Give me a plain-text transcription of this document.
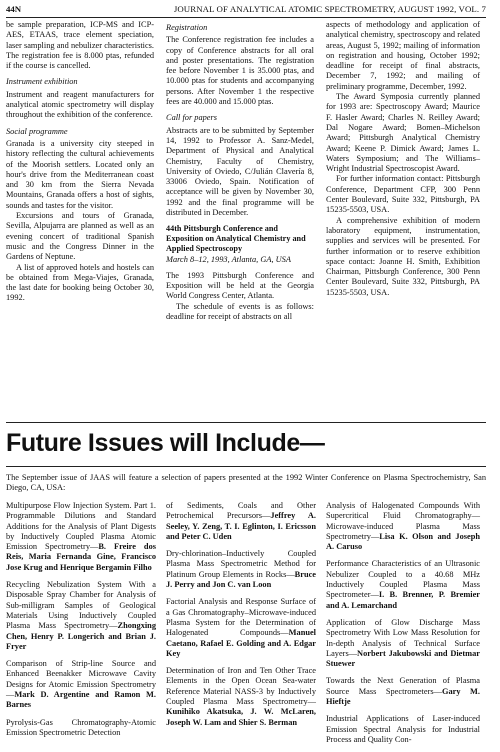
44N	JOURNAL OF ANALYTICAL ATOMIC SPECTROMETRY, AUGUST 1992, VOL. 7

be sample preparation, ICP-MS and ICP-AES, ETAAS, trace element speciation, laser sampling and nebulizer characteristics. The registration fee is 8.000 ptas, refunded if the course is cancelled.

Instrument exhibition

Instrument and reagent manufacturers for analytical atomic spectrometry will display throughout the exhibition of the conference.

Social programme

Granada is a university city steeped in history reflecting the cultural achievements of the Moorish settlers. Located only an hour's drive from the Mediterranean coast and 30 km from the Sierra Nevada Mountains, Granada offers a host of sights, sounds and tastes for the visitor.

Excursions and tours of Granada, Sevilla, Alpujarra are planned as well as an evening concert of traditional Spanish music and the Congress Dinner in the Gardens of Neptune.

A list of approved hotels and hostels can be obtained from Mega-Viajes, Granada, the last date for booking being October 30, 1992.

Registration

The Conference registration fee includes a copy of Conference abstracts for all oral and poster presentations. The registration fee before November 1 is 35.000 ptas, and 10.000 ptas for students and accompanying persons. After November 1 the respective fees are 40.000 and 15.000 ptas.

Call for papers

Abstracts are to be submitted by September 14, 1992 to Professor A. Sanz-Medel, Department of Physical and Analytical Chemistry, Faculty of Chemistry, University of Oviedo, C/Julián Clavería 8, 33006 Oviedo, Spain. Notification of acceptance will be given by November 30, 1992 and the final programme will be distributed in December.

44th Pittsburgh Conference and Exposition on Analytical Chemistry and Applied Spectroscopy

March 8–12, 1993, Atlanta, GA, USA

The 1993 Pittsburgh Conference and Exposition will be held at the Georgia World Congress Center, Atlanta.

The schedule of events is as follows: deadline for receipt of abstracts on all

aspects of methodology and application of analytical chemistry, spectroscopy and related areas, August 5, 1992; mailing of information on registration and housing, October 1992; deadline for receipt of final abstracts, December 7, 1992; and mailing of preliminary programme, December, 1992.

The Award Symposia currently planned for 1993 are: Spectroscopy Award; Maurice F. Hasler Award; Charles N. Reilley Award; Dal Nogare Award; Bomen–Michelson Award; Pittsburgh Analytical Chemistry Award; Keene P. Dimick Award; James L. Waters Symposium; and The Williams–Wright Industrial Spectroscopist Award.

For further information contact: Pittsburgh Conference, Department CFP, 300 Penn Center Boulevard, Suite 332, Pittsburgh, PA 15235-5503, USA.

A comprehensive exhibition of modern laboratory equipment, instrumentation, supplies and services will be presented. For further information or to reserve exhibition space contact: Joanne H. Smith, Exhibition Chairman, Pittsburgh Conference, 300 Penn Center Boulevard, Suite 332, Pittsburgh, PA 15235-5503, USA.

Future Issues will Include—
The September issue of JAAS will feature a selection of papers presented at the 1992 Winter Conference on Plasma Spectrochemistry, San Diego, CA, USA:
Multipurpose Flow Injection System. Part 1. Programmable Dilutions and Standard Additions for the Analysis of Plant Digests by Inductively Coupled Plasma Atomic Emission Spectrometry—B. Freire dos Reis, Maria Fernanda Gine, Francisco Jose Krug and Henrique Bergamin Filho
Recycling Nebulization System With a Disposable Spray Chamber for Analysis of Sub-milligram Samples of Geological Materials Using Inductively Coupled Plasma Mass Spectrometry—Zhongxing Chen, Henry P. Longerich and Brian J. Fryer
Comparison of Strip-line Source and Enhanced Beenakker Microwave Cavity Designs for Atomic Emission Spectrometry—Mark D. Argentine and Ramon M. Barnes
Pyrolysis-Gas Chromatography-Atomic Emission Spectrometric Detection
of Sediments, Coals and Other Petrochemical Precursors—Jeffrey A. Seeley, Y. Zeng, T. I. Eglinton, I. Ericsson and Peter C. Uden
Dry-chlorination–Inductively Coupled Plasma Mass Spectrometric Method for Platinum Group Elements in Rocks—Bruce J. Perry and Jon C. van Loon
Factorial Analysis and Response Surface of a Gas Chromatography–Microwave-induced Plasma System for the Determination of Halogenated Compounds—Manuel Caetano, Rafael E. Golding and A. Edgar Key
Determination of Iron and Ten Other Trace Elements in the Open Ocean Sea-water Reference Material NASS-3 by Inductively Coupled Plasma Mass Spectrometry—Kunihiko Akatsuka, J. W. McLaren, Joseph W. Lam and Shier S. Berman
Analysis of Halogenated Compounds With Supercritical Fluid Chromatography—Microwave-induced Plasma Mass Spectrometry—Lisa K. Olson and Joseph A. Caruso
Performance Characteristics of an Ultrasonic Nebulizer Coupled to a 40.68 MHz Inductively Coupled Plasma Mass Spectrometer—I. B. Brenner, P. Bremier and A. Lemarchand
Application of Glow Discharge Mass Spectrometry With Low Mass Resolution for In-depth Analysis of Technical Surface Layers—Norbert Jakubowski and Dietmar Stuewer
Towards the Next Generation of Plasma Source Mass Spectrometers—Gary M. Hieftje
Industrial Applications of Laser-induced Emission Spectral Analysis for Industrial Process and Quality Con-
